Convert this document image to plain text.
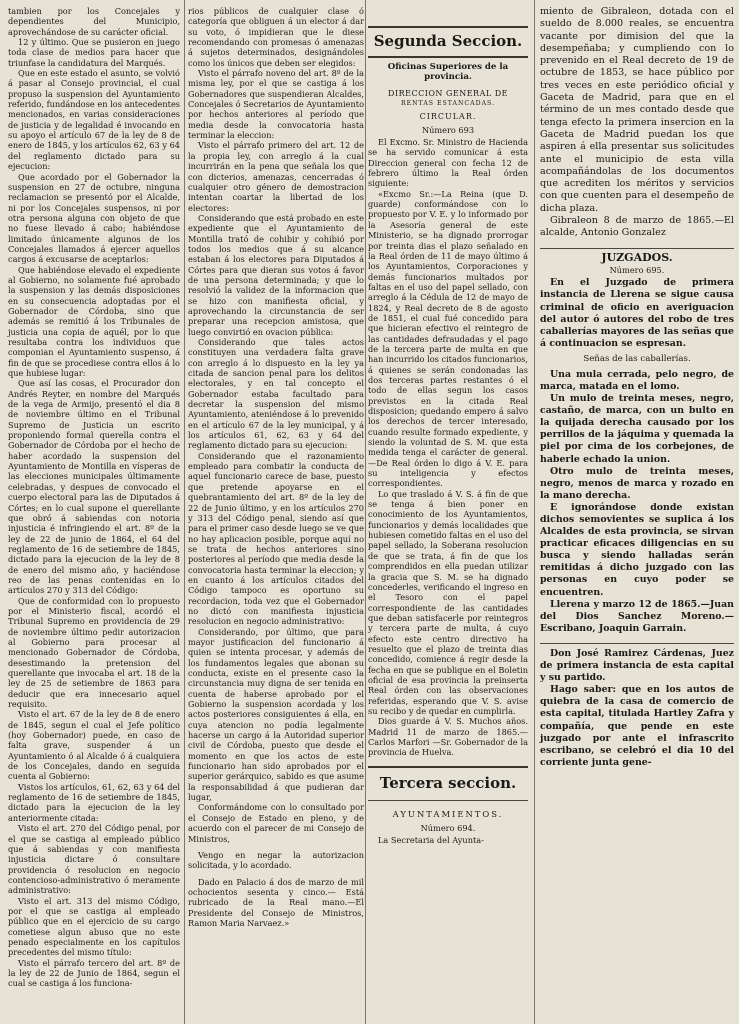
tambien por los Concejales y dependientes del Municipio, aprovechándose de su carácter oficial.

12 y último. Que se pusieron en juego toda clase de medios para hacer que triunfase la candidatura del Marqués.

Que en este estado el asunto, se volvió á pasar al Consejo provincial, el cual propuso la suspension del Ayuntamiento referido, fundándose en los antecedentes mencionados, en varias consideraciones de justicia y de legalidad é invocando en su apoyo el artículo 67 de la ley de 8 de enero de 1845, y los artículos 62, 63 y 64 del reglamento dictado para su ejecucion:

Que acordado por el Gobernador la suspension en 27 de octubre, ninguna reclamacion se presentó por el Alcalde, ni por los Concejales suspensos, ni por otra persona alguna con objeto de que no fuese llevado á cabo; habiéndose limitado únicamente algunos de los Concejales llamados á ejercer aquellos cargos á excusarse de aceptarlos:

Que habiéndose elevado el expediente al Gobierno, no solamente fué aprobado la suspension y las demás disposiciones en su consecuencia adoptadas por el Gobernador de Córdoba, sino que además se remitió á los Tribunales de justicia una copia de aquél, por lo que resultaba contra los individuos que componian el Ayuntamiento suspenso, á fin de que se procediese contra ellos á lo que hubiese lugar:

Que así las cosas, el Procurador don Andrés Reyter, en nombre del Marqués de la vega de Armijo, presentó el dia 8 de noviembre último en el Tribunal Supremo de Justicia un escrito proponiendo formal querella contra el Gobernador de Córdoba por el hecho de haber acordado la suspension del Ayuntamiento de Montilla en vísperas de las elecciones municipales últimamente celebradas, y despues de convocado el cuerpo electoral para las de Diputados á Córtes; en lo cual supone el querellante que obró á sabiendas con notoria injusticia é infringiendo el art. 8º de la ley de 22 de junio de 1864, el 64 del reglamento de 16 de setiembre de 1845, dictado para la ejecucion de la ley de 8 de enero del mismo año, y haciéndose reo de las penas contenidas en lo artículos 270 y 313 del Código:

Que de conformidad con lo propuesto por el Ministerio fiscal, acordó el Tribunal Supremo en providencia de 29 de noviembre último pedir autorizacion al Gobierno para procesar al mencionado Gobernador de Córdoba, desestimando la pretension del querellante que invocaba el art. 18 de la ley de 25 de setiembre de 1863 para deducir que era innecesario aquel requisito.

Visto el art. 67 de la ley de 8 de enero de 1845, segun el cual el Jefe político (hoy Gobernador) puede, en caso de falta grave, suspender á un Ayuntamiento ó al Alcalde ó á cualquiera de los Concejales, dando en seguida cuenta al Gobierno:

Vistos los artículos, 61, 62, 63 y 64 del reglamento de 16 de setiembre de 1845, dictado para la ejecucion de la ley anteriormente citada:

Visto el art. 270 del Código penal, por el que se castiga al empleado público que á sabiendas y con manifiesta injusticia dictare ó consultare providencia ó resolucion en negocio contencioso-administrativo ó meramente administrativo:

Visto el art. 313 del mismo Código, por el que se castiga al empleado público que en el ejercicio de su cargo cometiese algun abuso que no este penado especialmente en los capítulos precedentes del mismo título:

Visto el párrafo tercero del art. 8º de la ley de 22 de Junio de 1864, segun el cual se castiga á los funciona-

rios públicos de cualquier clase ó categoría que obliguen á un elector á dar su voto, ó impidieran que le diese recomendando con promesas ó amenazas á sujetos determinados, designándoles como los únicos que deben ser elegidos:

Visto el párrafo noveno del art. 8º de la misma ley, por el que se castiga á los Gobernadores que suspendieran Alcaldes, Concejales ó Secretarios de Ayuntamiento por hechos anteriores al período que media desde la convocatoria hasta terminar la eleccion:

Visto el párrafo primero del art. 12 de la propia ley, con arreglo á la cual incurrirán en la pena que señala los que con dicterios, amenazas, cencerradas ó cualquier otro género de demostracion intentan coartar la libertad de los electores:

Considerando que está probado en este expediente que el Ayuntamiento de Montilla trató de cohibir y cohibió por todos los medios que á su alcance estaban á los electores para Diputados á Córtes para que dieran sus votos á favor de una persona determinada; y que lo resolvió la validez de la informacion que se hizo con manifiesta oficial, y aprovechando la circunstancia de ser preparar una recepcion amistosa, que luego convirtió en ovacion pública:

Considerando que tales actos constituyen una verdadera falta grave con arreglo á lo dispuesto en la ley ya citada de sancion penal para los delitos electorales, y en tal concepto el Gobernador estaba facultado para decretar la suspension del mismo Ayuntamiento, ateniéndose á lo prevenido en el artículo 67 de la ley municipal, y á los artículos 61, 62, 63 y 64 del reglamento dictado para su ejecucion:

Considerando que el razonamiento empleado para combatir la conducta de aquel funcionario carece de base, puesto que pretende apoyarse en el quebrantamiento del art. 8º de la ley de 22 de Junio último, y en los artículos 270 y 313 del Código penal, siendo así que para el primer caso desde luego se ve que no hay aplicacion posible, porque aquí no se trata de hechos anteriores sino posteriores al período que media desde la convocatoria hasta terminar la eleccion; y en cuanto á los artículos citados del Código tampoco es oportuno su recordacion, toda vez que el Gobernador no dictó con manifiesta injusticia resolucion en negocio administrativo:

Considerando, por último, que para mayor justificacion del funcionario á quien se intenta procesar, y además de los fundamentos legales que abonan su conducta, existe en el presente caso la circunstancia muy digna de ser tenida en cuenta de haberse aprobado por el Gobierno la suspension acordada y los actos posteriores consiguientes á ella, en cuya atencion no podía legalmente hacerse un cargo á la Autoridad superior civil de Córdoba, puesto que desde el momento en que los actos de este funcionario han sido aprobados por el superior gerárquico, sabido es que asume la responsabilidad á que pudieran dar lugar,

Conformándome con lo consultado por el Consejo de Estado en pleno, y de acuerdo con el parecer de mi Consejo de Ministros,

Vengo en negar la autorizacion solicitada, y lo acordado.

Dado en Palacio á dos de marzo de mil ochocientos sesenta y cinco.— Está rubricado de la Real mano.—El Presidente del Consejo de Ministros, Ramon Maria Narvaez.»

Segunda Seccion.
Oficinas Superiores de la provincia.
DIRECCION GENERAL DE
RENTAS ESTANCADAS.
CIRCULAR.
Número 693

El Excmo. Sr. Ministro de Hacienda se ha servido comunicar á esta Direccion general con fecha 12 de febrero último la Real órden siguiente:

«Excmo Sr.:—La Reina (que D. guarde) conformándose con lo propuesto por V. E. y lo informado por la Asesoría general de este Ministerio, se ha dignado prorrogar por treinta dias el plazo señalado en la Real órden de 11 de mayo último á los Ayuntamientos, Corporaciones y demás funcionarios multados por faltas en el uso del papel sellado, con arreglo á la Cédula de 12 de mayo de 1824, y Real decreto de 8 de agosto de 1851, el cual fué concedido para que hicieran efectivo el reintegro de las cantidades defraudadas y el pago de la tercera parte de multa en que han incurrido los citados funcionarios, á quienes se serán condonadas las dos terceras partes restantes ó el todo de ellas segun los casos previstos en la citada Real disposicion; quedando empero á salvo los derechos de tercer interesado, cuando resulte formado expediente, y siendo la voluntad de S. M. que esta medida tenga el carácter de general.—De Real órden lo digo á V. E. para su inteligencia y efectos correspondientes.

Lo que traslado á V. S. á fin de que se tenga á bien poner en conocimiento de los Ayuntamientos, funcionarios y demás localidades que hubiesen cometido faltas en el uso del papel sellado, la Soberana resolucion de que se trata, á fin de que los comprendidos en ella puedan utilizar la gracia que S. M. se ha dignado concederles, verificando el ingreso en el Tesoro con el papel correspondiente de las cantidades que deban satisfacerle por reintegros y tercera parte de multa, á cuyo efecto este centro directivo ha resuelto que el plazo de treinta dias concedido, comience á regir desde la fecha en que se publique en el Boletin oficial de esa provincia la preinserta Real órden con las observaciones referidas, esperando que V. S. avise su recibo y de quedar en cumplirla.

Dios guarde á V. S. Muchos años. Madrid 11 de marzo de 1865.— Carlos Marfori —Sr. Gobernador de la provincia de Huelva.

Tercera seccion.
AYUNTAMIENTOS.
Número 694.

La Secretaria del Ayunta-

miento de Gibraleon, dotada con el sueldo de 8.000 reales, se encuentra vacante por dimision del que la desempeñaba; y cumpliendo con lo prevenido en el Real decreto de 19 de octubre de 1853, se hace público por tres veces en este periódico oficial y Gaceta de Madrid, para que en el término de un mes contado desde que tenga efecto la primera insercion en la Gaceta de Madrid puedan los que aspiren á ella presentar sus solicitudes ante el municipio de esta villa acompañándolas de los documentos que acrediten los méritos y servicios con que cuenten para el desempeño de dicha plaza.

Gibraleon 8 de marzo de 1865.—El alcalde, Antonio Gonzalez

JUZGADOS.
Número 695.

En el Juzgado de primera instancia de Llerena se sigue causa criminal de oficio en averiguacion del autor ó autores del robo de tres caballerías mayores de las señas que á continuacion se espresan.

Señas de las caballerías.

Una mula cerrada, pelo negro, de marca, matada en el lomo.

Un mulo de treinta meses, negro, castaño, de marca, con un bulto en la quijada derecha causado por los perrillos de la jáquima y quemada la piel por cima de los corbejones, de haberle echado la union.

Otro mulo de treinta meses, negro, menos de marca y rozado en la mano derecha.

E ignorándose donde existan dichos semovientes se suplica á los Alcaldes de esta provincia, se sirvan practicar eficaces diligencias en su busca y siendo halladas serán remitidas á dicho juzgado con las personas en cuyo poder se encuentren.

Llerena y marzo 12 de 1865.—Juan del Dios Sanchez Moreno.—Escribano, Joaquin Garrain.

Don José Ramirez Cárdenas, Juez de primera instancia de esta capital y su partido.

Hago saber: que en los autos de quiebra de la casa de comercio de esta capital, titulada Hartley Zafra y compañía, que pende en este juzgado por ante el infrascrito escribano, se celebró el dia 10 del corriente junta gene-
